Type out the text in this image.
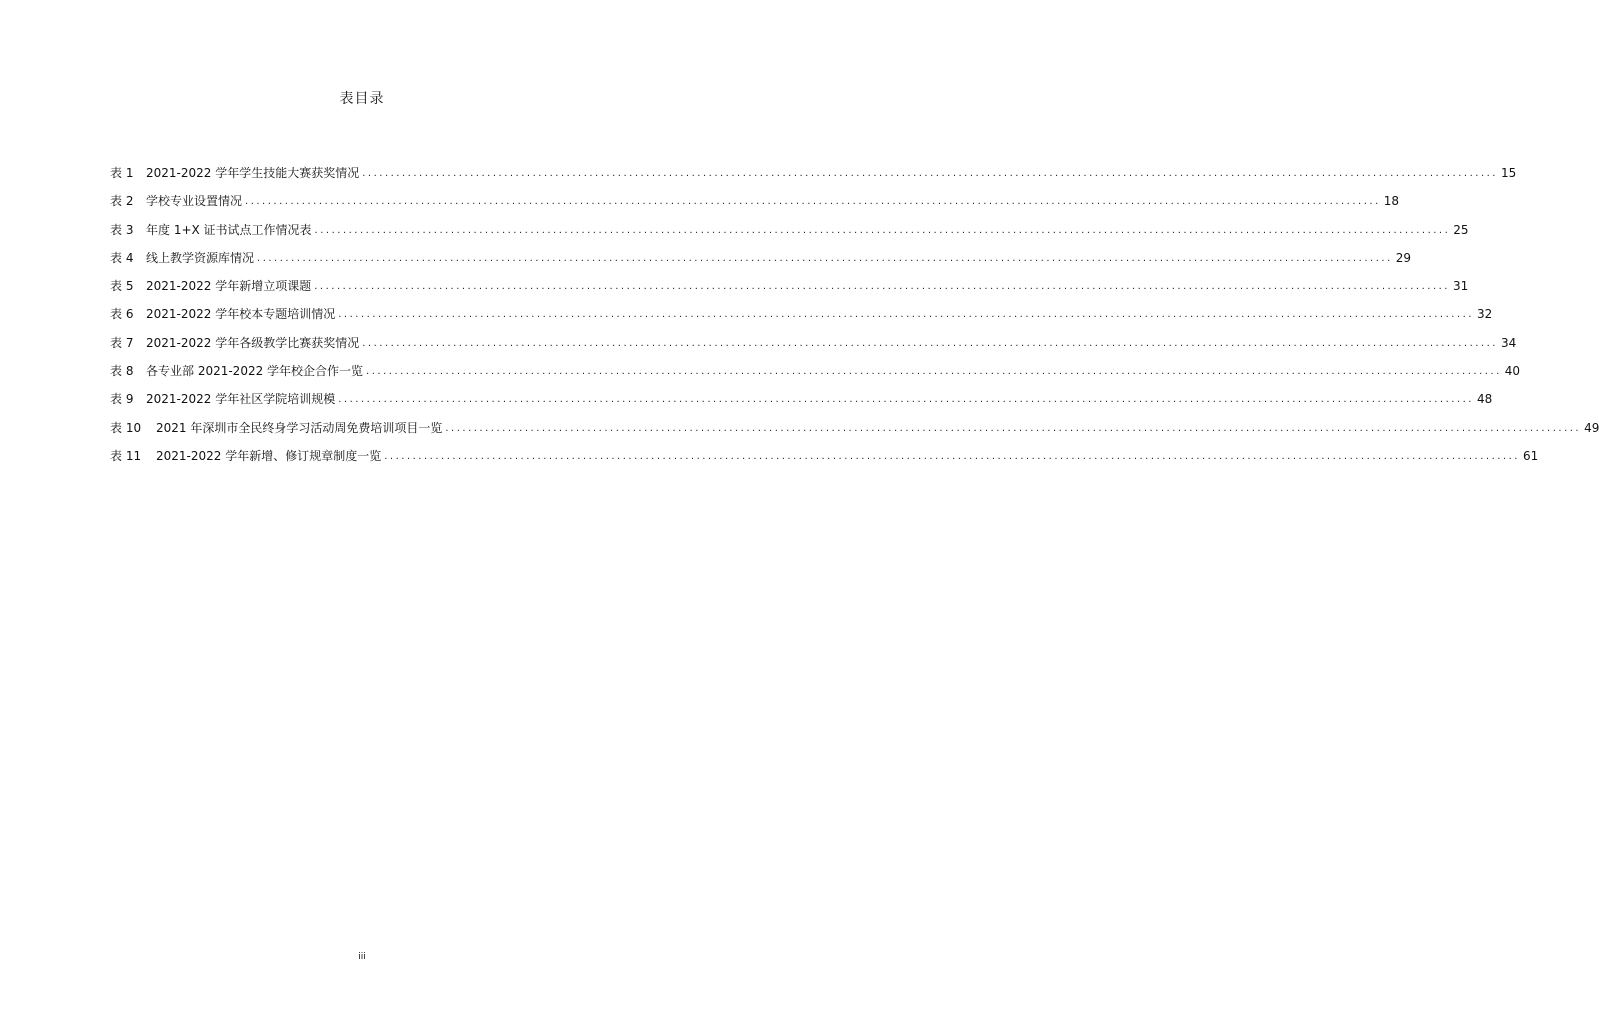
表目录
表 1	2021-2022 学年学生技能大赛获奖情况 ........................................................................................................................................................................................................ 15
表 2	学校专业设置情况 ........................................................................................................................................................................................................ 18
表 3	年度 1+X 证书试点工作情况表 ........................................................................................................................................................................................................ 25
表 4	线上教学资源库情况 ........................................................................................................................................................................................................ 29
表 5	2021-2022 学年新增立项课题 ........................................................................................................................................................................................................ 31
表 6	2021-2022 学年校本专题培训情况 ........................................................................................................................................................................................................ 32
表 7	2021-2022 学年各级教学比赛获奖情况 ........................................................................................................................................................................................................ 34
表 8	各专业部 2021-2022 学年校企合作一览 ........................................................................................................................................................................................................ 40
表 9	2021-2022 学年社区学院培训规模 ........................................................................................................................................................................................................ 48
表 10	2021 年深圳市全民终身学习活动周免费培训项目一览 ........................................................................................................................................................................................................ 49
表 11	2021-2022 学年新增、修订规章制度一览 ........................................................................................................................................................................................................ 61
iii
